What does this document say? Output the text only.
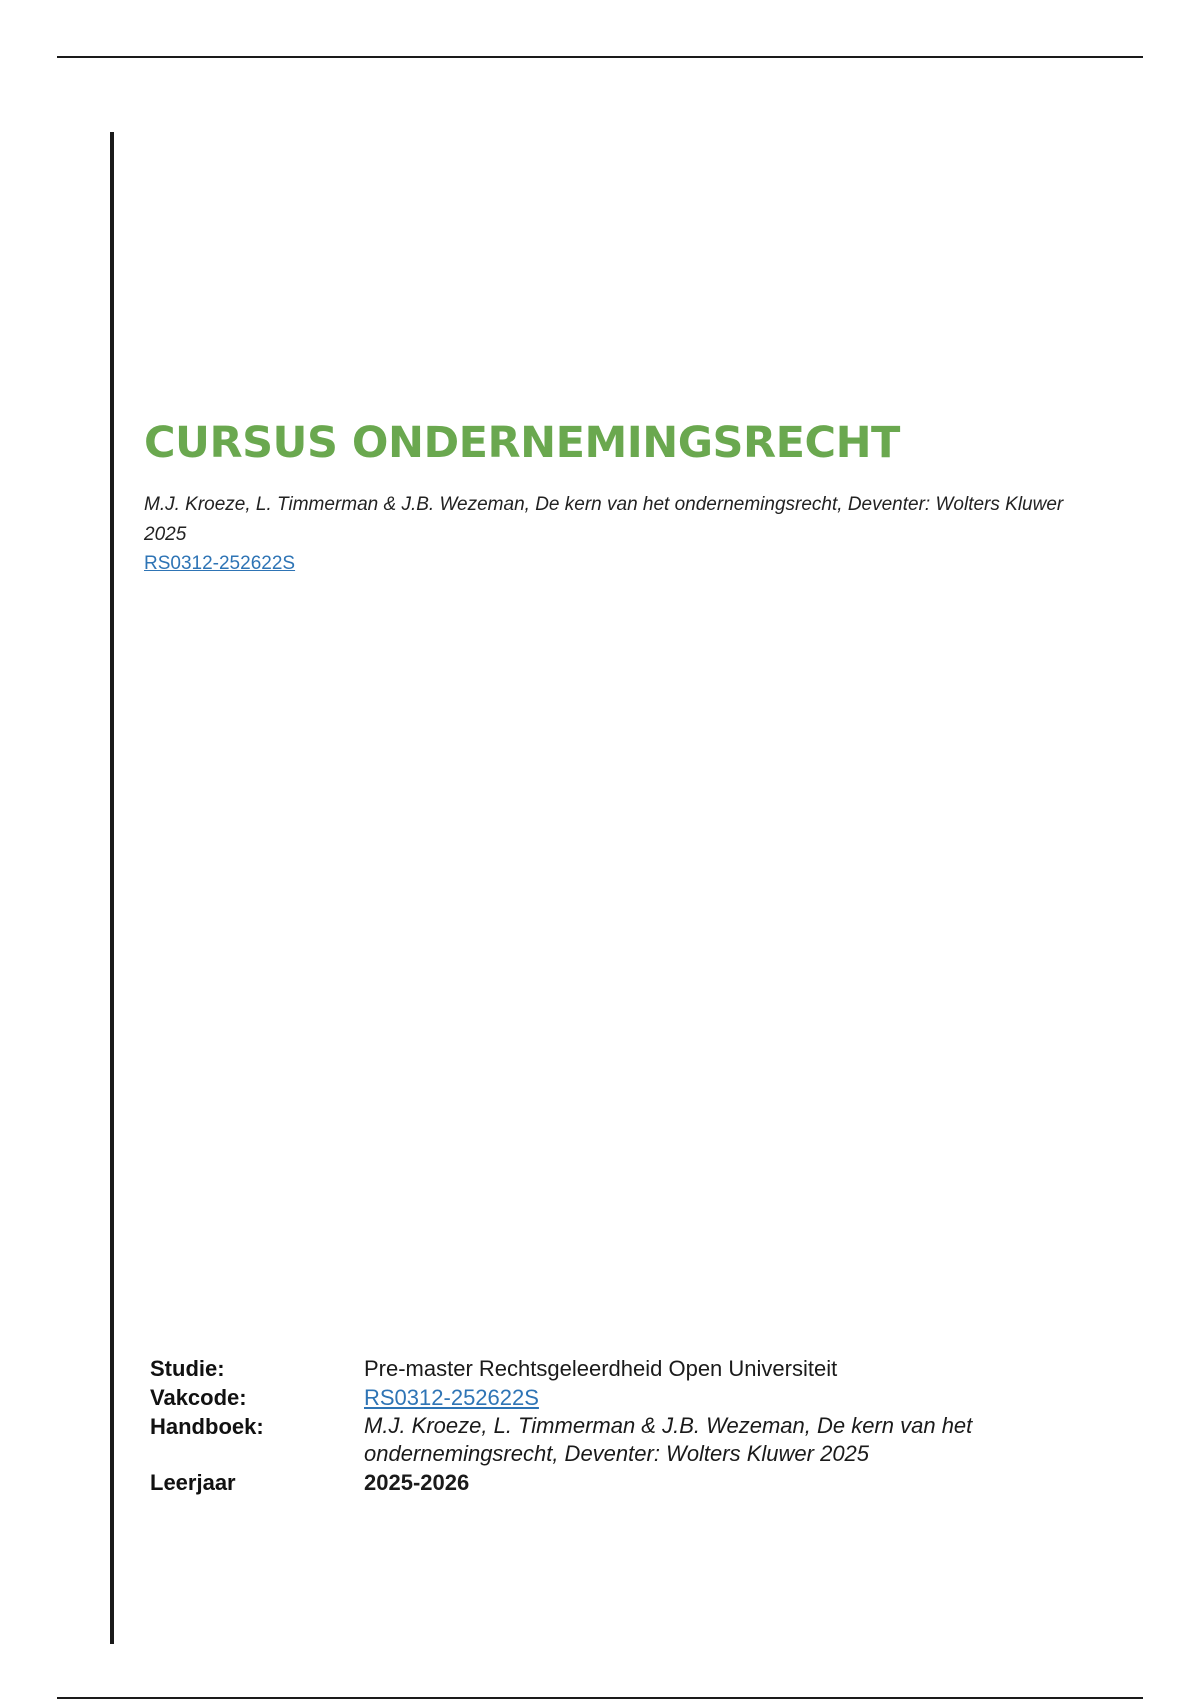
CURSUS ONDERNEMINGSRECHT

M.J. Kroeze, L. Timmerman & J.B. Wezeman, De kern van het ondernemingsrecht, Deventer: Wolters Kluwer 2025

RS0312-252622S
Studie:	Pre-master Rechtsgeleerdheid Open Universiteit
Vakcode:	RS0312-252622S
Handboek:	M.J. Kroeze, L. Timmerman & J.B. Wezeman, De kern van het ondernemingsrecht, Deventer: Wolters Kluwer 2025
Leerjaar	2025-2026
